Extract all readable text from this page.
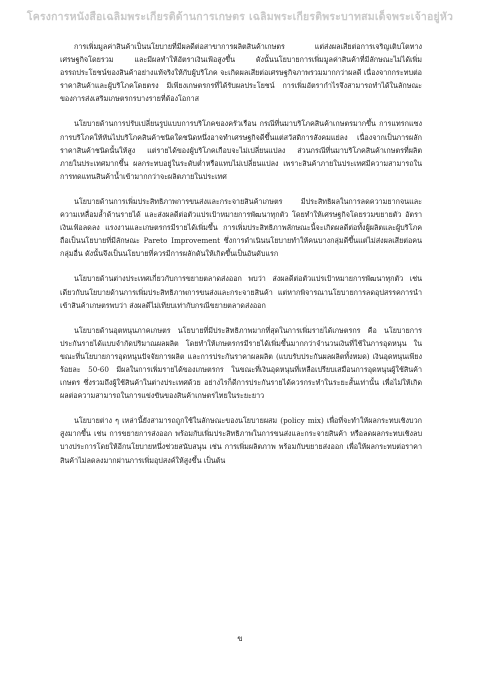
โครงการหนังสือเฉลิมพระเกียรติด้านการเกษตร เฉลิมพระเกียรติพระบาทสมเด็จพระเจ้าอยู่หัว

การเพิ่มมูลค่าสินค้าเป็นนโยบายที่มีผลดีต่อสาขาการผลิตสินค้าเกษตร แต่ส่งผลเสียต่อการเจริญเติบโตทางเศรษฐกิจโดยรวม และมีผลทำให้อัตราเงินเฟ้อสูงขึ้น ดังนั้นนโยบายการเพิ่มมูลค่าสินค้าที่มีลักษณะไม่ได้เพิ่มอรรถประโยชน์ของสินค้าอย่างแท้จริงให้กับผู้บริโภค จะเกิดผลเสียต่อเศรษฐกิจภาพรวมมากกว่าผลดี เนื่องจากกระทบต่อราคาสินค้าและผู้บริโภคโดยตรง มีเพียงเกษตรกรที่ได้รับผลประโยชน์ การเพิ่มอัตรากำไรจึงสามารถทำได้ในลักษณะของการส่งเสริมเกษตรกรบางรายที่ต้องโอกาส

นโยบายด้านการปรับเปลี่ยนรูปแบบการบริโภคของครัวเรือน กรณีที่นมาบริโภคสินค้าเกษตรมากขึ้น การแทรกแซงการบริโภคให้หันไปบริโภคสินค้าชนิดใดชนิดหนึ่งอาจทำเศรษฐกิจดีขึ้นแต่สวัสดิการสังคมแย่ลง เนื่องจากเป็นการผลักราคาสินค้าชนิดนั้นให้สูง แต่รายได้ของผู้บริโภคเกือบจะไม่เปลี่ยนแปลง ส่วนกรณีที่นมาบริโภคสินค้าเกษตรที่ผลิตภายในประเทศมากขึ้น ผลกระทบอยู่ในระดับต่ำหรือแทบไม่เปลี่ยนแปลง เพราะสินค้าภายในประเทศมีความสามารถในการทดแทนสินค้าน้ำเข้ามากกว่าจะผลิตภายในประเทศ

นโยบายด้านการเพิ่มประสิทธิภาพการขนส่งและกระจายสินค้าเกษตร มีประสิทธิผลในการลดความยากจนและความเหลื่อมล้ำด้านรายได้ และส่งผลดีต่อตัวแปรเป้าหมายการพัฒนาทุกตัว โดยทำให้เศรษฐกิจโดยรวมขยายตัว อัตราเงินเฟ้อลดลง แรงงานและเกษตรกรมีรายได้เพิ่มขึ้น การเพิ่มประสิทธิภาพลักษณะนี้จะเกิดผลดีต่อทั้งผู้ผลิตและผู้บริโภค ถือเป็นนโยบายที่มีลักษณะ Pareto Improvement ซึ่งการดำเนินนโยบายทำให้คนบางกลุ่มดีขึ้นแต่ไม่ส่งผลเสียต่อคนกลุ่มอื่น ดังนั้นจึงเป็นนโยบายที่ควรมีการผลักดันให้เกิดขึ้นเป็นอันดับแรก

นโยบายด้านต่างประเทศเกี่ยวกับการขยายตลาดส่งออก พบว่า ส่งผลดีต่อตัวแปรเป้าหมายการพัฒนาทุกตัว เช่นเดียวกับนโยบายด้านการเพิ่มประสิทธิภาพการขนส่งและกระจายสินค้า แต่หากพิจารณานโยบายการลดอุปสรรคการนำเข้าสินค้าเกษตรพบว่า ส่งผลดีไม่เทียบเท่ากับกรณีขยายตลาดส่งออก

นโยบายด้านอุตหนุนภาคเกษตร นโยบายที่มีประสิทธิภาพมากที่สุดในการเพิ่มรายได้เกษตรกร คือ นโยบายการประกันรายได้แบบจำกัดปริมาณผลผลิต โดยทำให้เกษตรกรมีรายได้เพิ่มขึ้นมากกว่าจำนวนเงินที่ใช้ในการอุดหนุน ในขณะที่นโยบายการอุดหนุนปัจจัยการผลิต และการประกันราคาผลผลิต (แบบรับประกันผลผลิตทั้งหมด) เงินอุดหนุนเพียงร้อยละ 50-60 มีผลในการเพิ่มรายได้ของเกษตรกร ในขณะที่เงินอุดหนุนที่เหลือเปรียบเสมือนการอุดหนุนผู้ใช้สินค้าเกษตร ซึ่งรวมถึงผู้ใช้สินค้าในต่างประเทศด้วย อย่างไรก็ดีการประกันรายได้ควรกระทำในระยะสั้นเท่านั้น เพื่อไม่ให้เกิดผลต่อความสามารถในการแข่งขันของสินค้าเกษตรไทยในระยะยาว

นโยบายต่าง ๆ เหล่านี้ยังสามารถถูกใช้ในลักษณะของนโยบายผสม (policy mix) เพื่อที่จะทำให้ผลกระทบเชิงบวกสูงมากขึ้น เช่น การขยายการส่งออก พร้อมกับเพิ่มประสิทธิภาพในการขนส่งและกระจายสินค้า หรือลดผลกระทบเชิงลบบางประการโดยให้อีกนโยบายหนึ่งช่วยสนับสนุน เช่น การเพิ่มผลิตภาพ พร้อมกับขยายส่งออก เพื่อให้ผลกระทบต่อราคาสินค้าไม่ลดลงมากผ่านการเพิ่มอุปสงค์ให้สูงขึ้น เป็นต้น

ข
